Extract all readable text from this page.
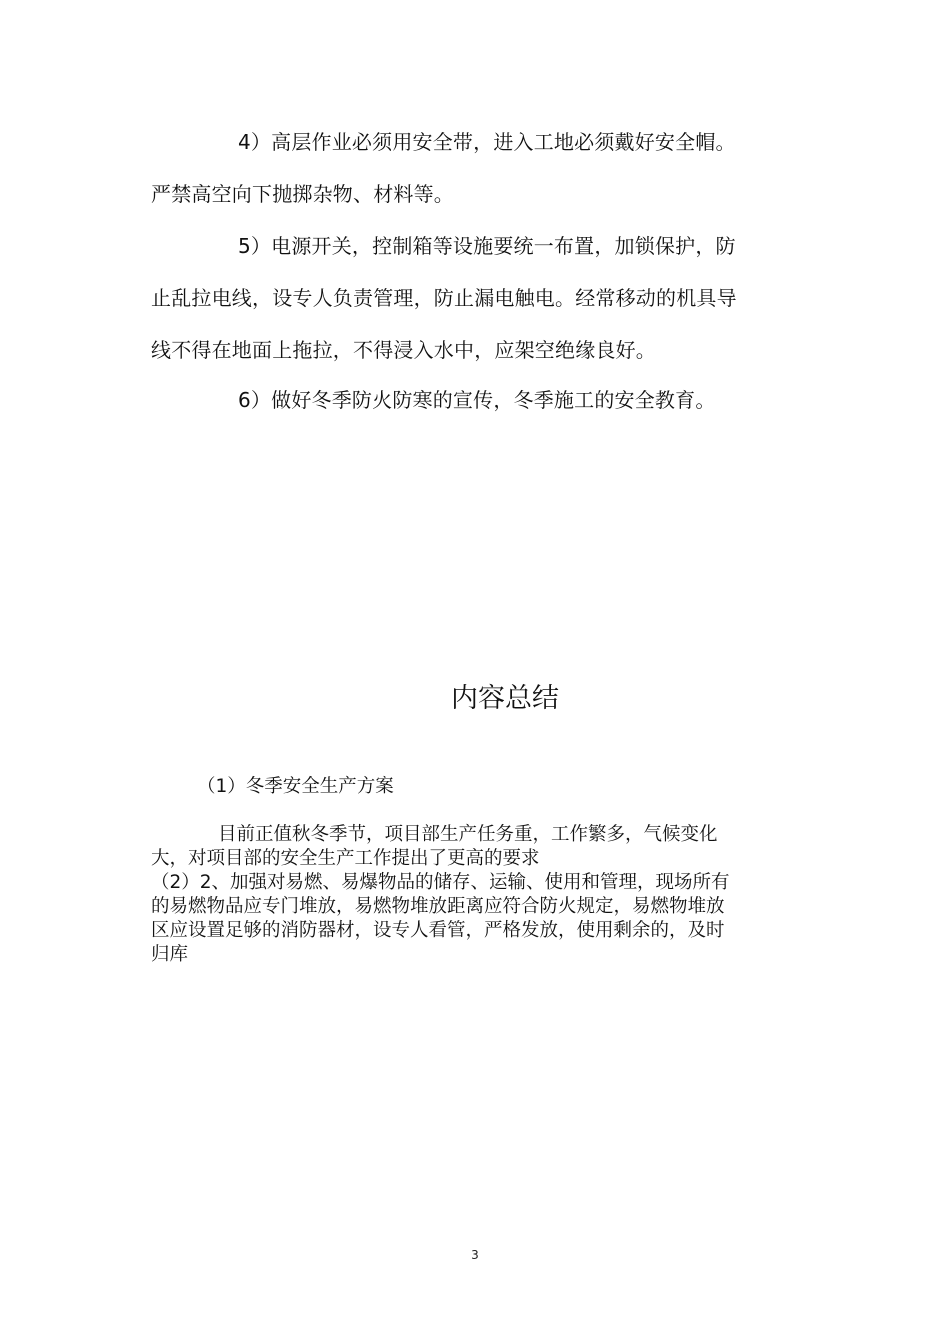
4）高层作业必须用安全带，进入工地必须戴好安全帽。
严禁高空向下抛掷杂物、材料等。
5）电源开关，控制箱等设施要统一布置，加锁保护，防
止乱拉电线，设专人负责管理，防止漏电触电。经常移动的机具导
线不得在地面上拖拉，不得浸入水中，应架空绝缘良好。
6）做好冬季防火防寒的宣传，冬季施工的安全教育。
内容总结
（1）冬季安全生产方案
目前正值秋冬季节，项目部生产任务重，工作繁多，气候变化
大，对项目部的安全生产工作提出了更高的要求
（2）2、加强对易燃、易爆物品的储存、运输、使用和管理，现场所有
的易燃物品应专门堆放，易燃物堆放距离应符合防火规定，易燃物堆放
区应设置足够的消防器材，设专人看管，严格发放，使用剩余的，及时
归库
3
